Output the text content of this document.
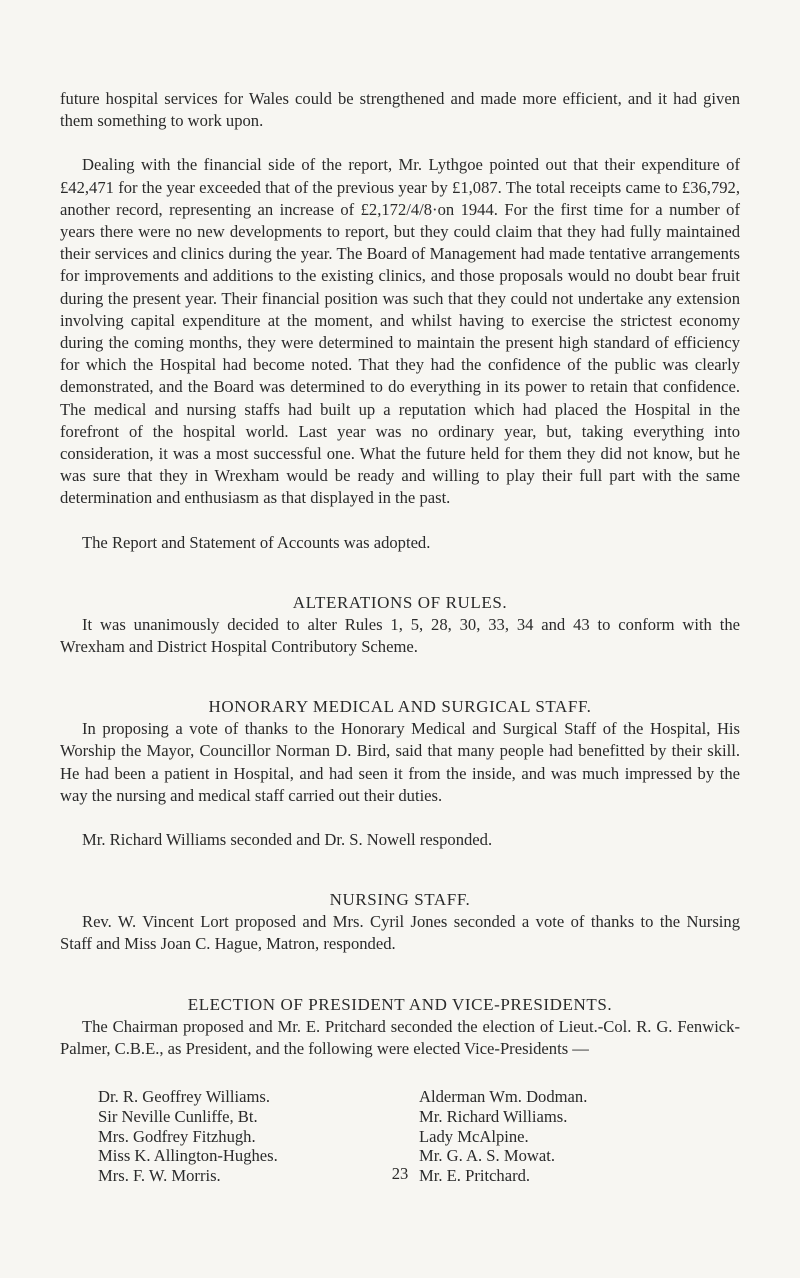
future hospital services for Wales could be strengthened and made more efficient, and it had given them something to work upon.

Dealing with the financial side of the report, Mr. Lythgoe pointed out that their expenditure of £42,471 for the year exceeded that of the previous year by £1,087. The total receipts came to £36,792, another record, representing an increase of £2,172/4/8·on 1944. For the first time for a number of years there were no new developments to report, but they could claim that they had fully maintained their services and clinics during the year. The Board of Management had made tentative arrangements for improvements and additions to the existing clinics, and those proposals would no doubt bear fruit during the present year. Their financial position was such that they could not undertake any extension involving capital expenditure at the moment, and whilst having to exercise the strictest economy during the coming months, they were determined to maintain the present high standard of efficiency for which the Hospital had become noted. That they had the confidence of the public was clearly demonstrated, and the Board was determined to do everything in its power to retain that confidence. The medical and nursing staffs had built up a reputation which had placed the Hospital in the forefront of the hospital world. Last year was no ordinary year, but, taking everything into consideration, it was a most successful one. What the future held for them they did not know, but he was sure that they in Wrexham would be ready and willing to play their full part with the same determination and enthusiasm as that displayed in the past.

The Report and Statement of Accounts was adopted.

ALTERATIONS OF RULES.

It was unanimously decided to alter Rules 1, 5, 28, 30, 33, 34 and 43 to conform with the Wrexham and District Hospital Contributory Scheme.

HONORARY MEDICAL AND SURGICAL STAFF.

In proposing a vote of thanks to the Honorary Medical and Surgical Staff of the Hospital, His Worship the Mayor, Councillor Norman D. Bird, said that many people had benefitted by their skill. He had been a patient in Hospital, and had seen it from the inside, and was much impressed by the way the nursing and medical staff carried out their duties.

Mr. Richard Williams seconded and Dr. S. Nowell responded.

NURSING STAFF.

Rev. W. Vincent Lort proposed and Mrs. Cyril Jones seconded a vote of thanks to the Nursing Staff and Miss Joan C. Hague, Matron, responded.

ELECTION OF PRESIDENT AND VICE-PRESIDENTS.

The Chairman proposed and Mr. E. Pritchard seconded the election of Lieut.-Col. R. G. Fenwick-Palmer, C.B.E., as President, and the following were elected Vice-Presidents —

Dr. R. Geoffrey Williams.
Sir Neville Cunliffe, Bt.
Mrs. Godfrey Fitzhugh.
Miss K. Allington-Hughes.
Mrs. F. W. Morris.
Alderman Wm. Dodman.
Mr. Richard Williams.
Lady McAlpine.
Mr. G. A. S. Mowat.
Mr. E. Pritchard.
23
